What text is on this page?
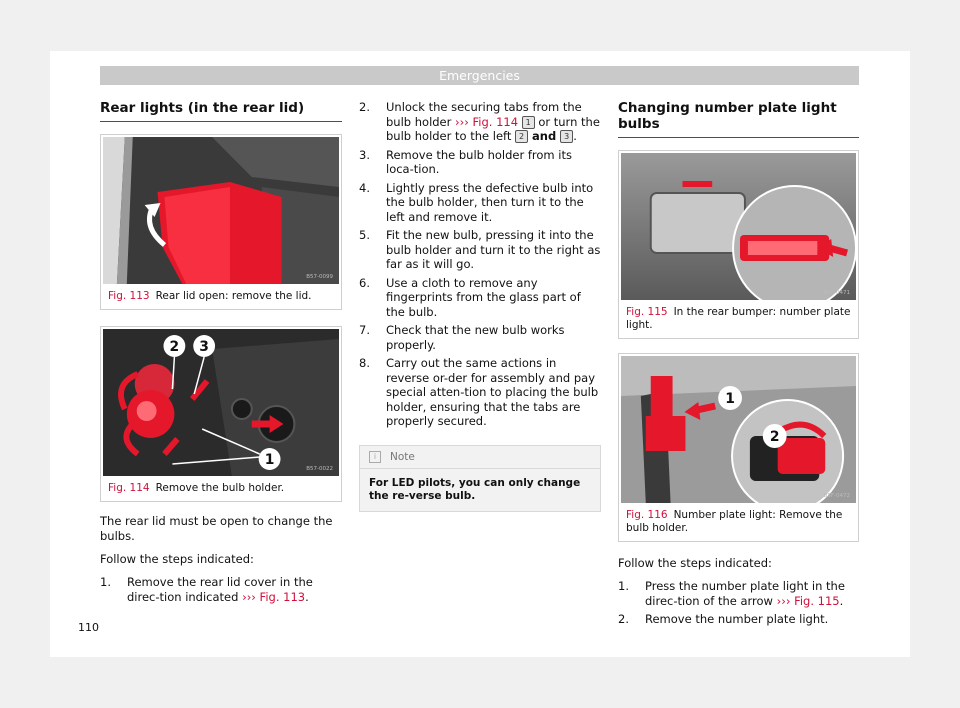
Emergencies
Rear lights (in the rear lid)
B57-0099
Fig. 113 Rear lid open: remove the lid.
2 3
1
B57-0022
Fig. 114 Remove the bulb holder.

The rear lid must be open to change the bulbs.

Follow the steps indicated:

1. Remove the rear lid cover in the direc-tion indicated ››› Fig. 113.
2. Unlock the securing tabs from the bulb holder ››› Fig. 114 1 or turn the bulb holder to the left 2 and 3 .
3. Remove the bulb holder from its loca-tion.
4. Lightly press the defective bulb into the bulb holder, then turn it to the left and remove it.
5. Fit the new bulb, pressing it into the bulb holder and turn it to the right as far as it will go.
6. Use a cloth to remove any fingerprints from the glass part of the bulb.
7. Check that the new bulb works properly.
8. Carry out the same actions in reverse or-der for assembly and pay special atten-tion to placing the bulb holder, ensuring that the tabs are properly secured.
i	Note
For LED pilots, you can only change the re-verse bulb.
Changing number plate light bulbs
B5F-0471
Fig. 115 In the rear bumper: number plate light.
1
2
B5F-0472
Fig. 116 Number plate light: Remove the bulb holder.

Follow the steps indicated:

1. Press the number plate light in the direc-tion of the arrow ››› Fig. 115.
2. Remove the number plate light.
110
